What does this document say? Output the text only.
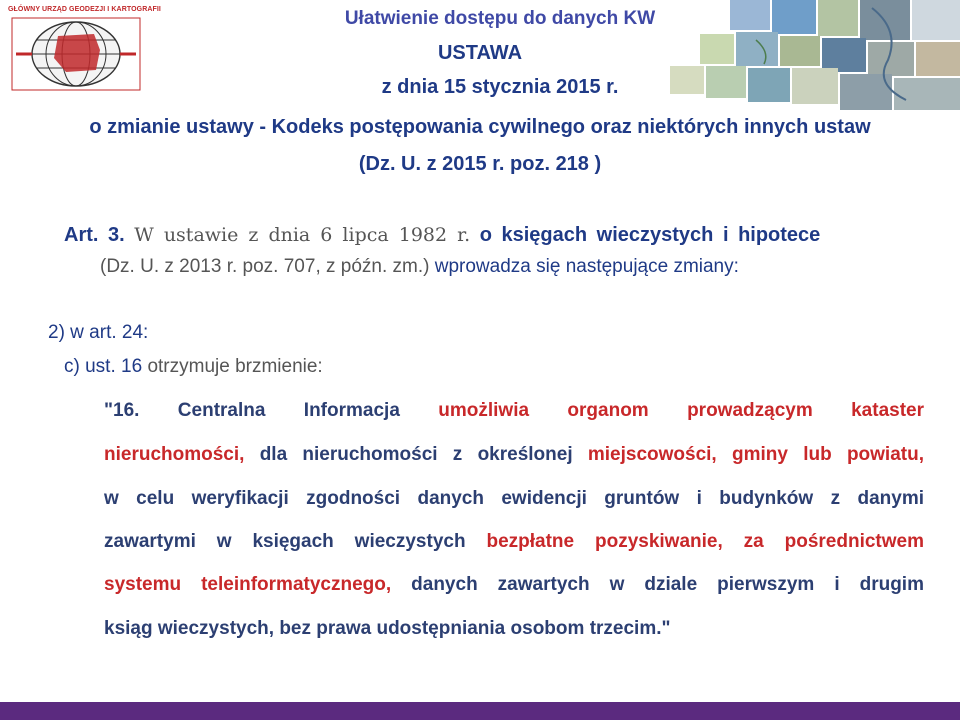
GŁÓWNY URZĄD GEODEZJI I KARTOGRAFII	Ułatwienie dostępu do danych KW
USTAWA
z dnia 15 stycznia 2015 r.
o zmianie ustawy - Kodeks postępowania cywilnego oraz niektórych innych ustaw
(Dz. U. z 2015 r. poz. 218 )
Art. 3. W ustawie z dnia 6 lipca 1982 r. o księgach wieczystych i hipotece
(Dz. U. z 2013 r. poz. 707, z późn. zm.) wprowadza się następujące zmiany:
2) w art. 24:
c) ust. 16 otrzymuje brzmienie:
"16. Centralna Informacja umożliwia organom prowadzącym kataster
nieruchomości, dla nieruchomości z określonej miejscowości, gminy lub powiatu,
w celu weryfikacji zgodności danych ewidencji gruntów i budynków z danymi
zawartymi w księgach wieczystych bezpłatne pozyskiwanie, za pośrednictwem
systemu teleinformatycznego, danych zawartych w dziale pierwszym i drugim
ksiąg wieczystych, bez prawa udostępniania osobom trzecim."
